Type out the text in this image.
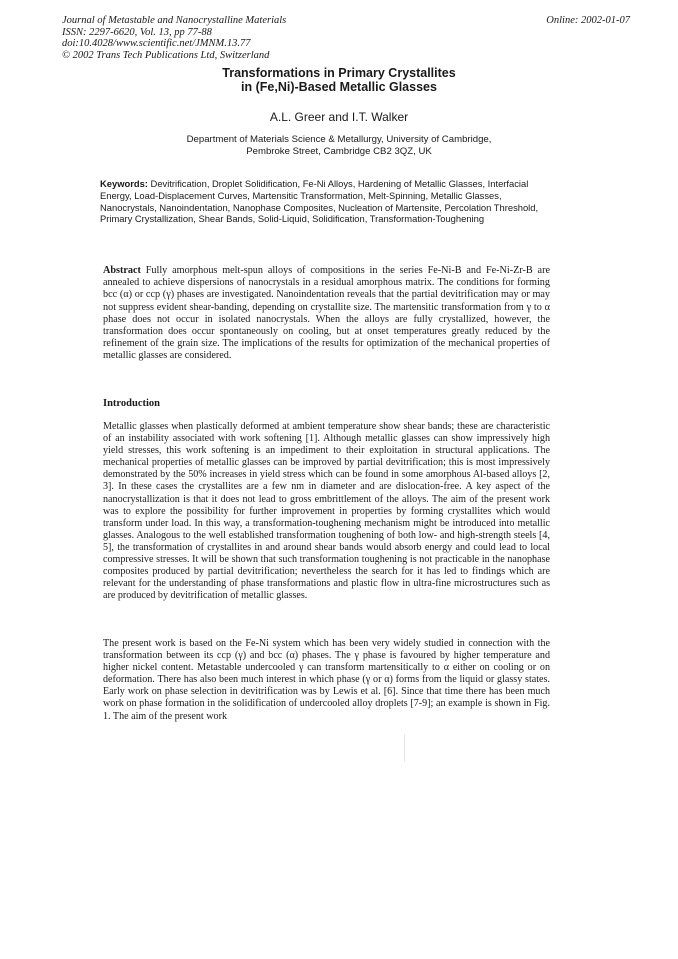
Journal of Metastable and Nanocrystalline Materials
ISSN: 2297-6620, Vol. 13, pp 77-88
doi:10.4028/www.scientific.net/JMNM.13.77
© 2002 Trans Tech Publications Ltd, Switzerland
Online: 2002-01-07
Transformations in Primary Crystallites
in (Fe,Ni)-Based Metallic Glasses
A.L. Greer and I.T. Walker
Department of Materials Science & Metallurgy, University of Cambridge,
Pembroke Street, Cambridge CB2 3QZ, UK
Keywords: Devitrification, Droplet Solidification, Fe-Ni Alloys, Hardening of Metallic Glasses, Interfacial Energy, Load-Displacement Curves, Martensitic Transformation, Melt-Spinning, Metallic Glasses, Nanocrystals, Nanoindentation, Nanophase Composites, Nucleation of Martensite, Percolation Threshold, Primary Crystallization, Shear Bands, Solid-Liquid, Solidification, Transformation-Toughening
Abstract Fully amorphous melt-spun alloys of compositions in the series Fe-Ni-B and Fe-Ni-Zr-B are annealed to achieve dispersions of nanocrystals in a residual amorphous matrix. The conditions for forming bcc (α) or ccp (γ) phases are investigated. Nanoindentation reveals that the partial devitrification may or may not suppress evident shear-banding, depending on crystallite size. The martensitic transformation from γ to α phase does not occur in isolated nanocrystals. When the alloys are fully crystallized, however, the transformation does occur spontaneously on cooling, but at onset temperatures greatly reduced by the refinement of the grain size. The implications of the results for optimization of the mechanical properties of metallic glasses are considered.
Introduction

Metallic glasses when plastically deformed at ambient temperature show shear bands; these are characteristic of an instability associated with work softening [1]. Although metallic glasses can show impressively high yield stresses, this work softening is an impediment to their exploitation in structural applications. The mechanical properties of metallic glasses can be improved by partial devitrification; this is most impressively demonstrated by the 50% increases in yield stress which can be found in some amorphous Al-based alloys [2, 3]. In these cases the crystallites are a few nm in diameter and are dislocation-free. A key aspect of the nanocrystallization is that it does not lead to gross embrittlement of the alloys. The aim of the present work was to explore the possibility for further improvement in properties by forming crystallites which would transform under load. In this way, a transformation-toughening mechanism might be introduced into metallic glasses. Analogous to the well established transformation toughening of both low- and high-strength steels [4, 5], the transformation of crystallites in and around shear bands would absorb energy and could lead to local compressive stresses. It will be shown that such transformation toughening is not practicable in the nanophase composites produced by partial devitrification; nevertheless the search for it has led to findings which are relevant for the understanding of phase transformations and plastic flow in ultra-fine microstructures such as are produced by devitrification of metallic glasses.

The present work is based on the Fe-Ni system which has been very widely studied in connection with the transformation between its ccp (γ) and bcc (α) phases. The γ phase is favoured by higher temperature and higher nickel content. Metastable undercooled γ can transform martensitically to α either on cooling or on deformation. There has also been much interest in which phase (γ or α) forms from the liquid or glassy states. Early work on phase selection in devitrification was by Lewis et al. [6]. Since that time there has been much work on phase formation in the solidification of undercooled alloy droplets [7-9]; an example is shown in Fig. 1. The aim of the present work
